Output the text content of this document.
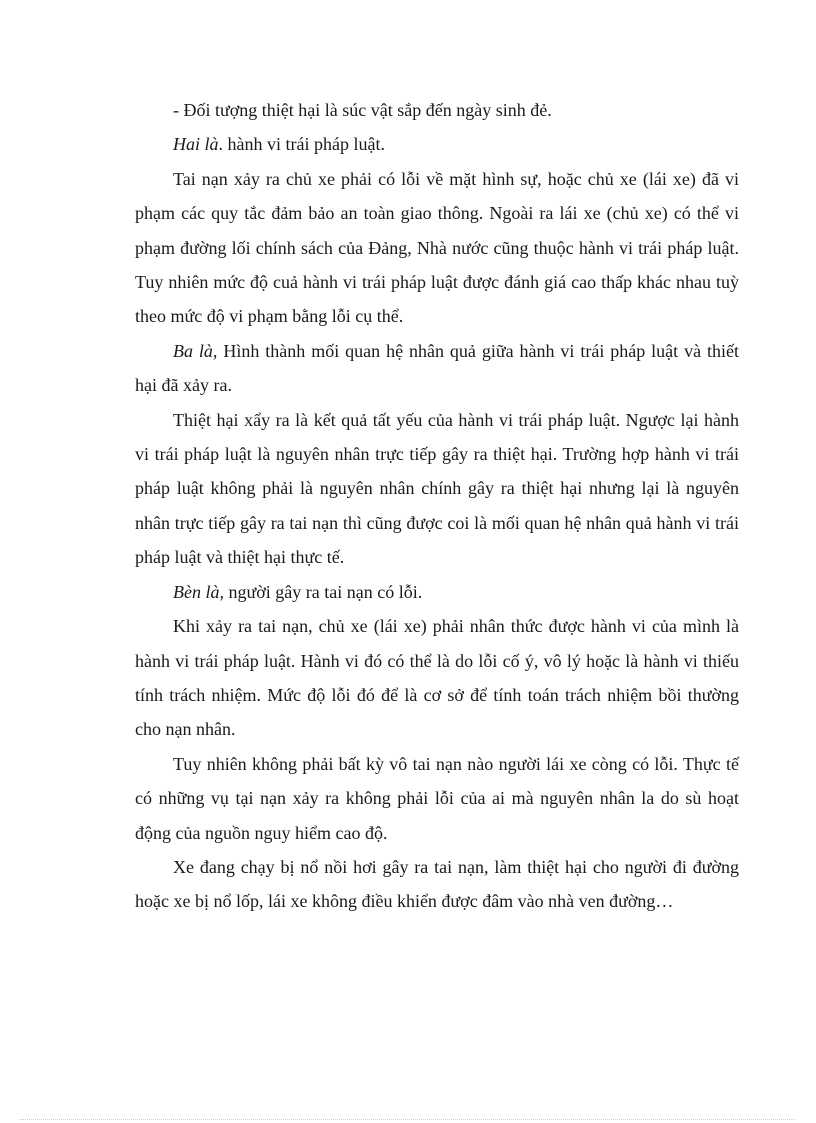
- Đối tượng thiệt hại là súc vật sắp đến ngày sinh đẻ.

Hai là. hành vi trái pháp luật.

Tai nạn xảy ra chủ xe phải có lỗi về mặt hình sự, hoặc chủ xe (lái xe) đã vi phạm các quy tắc đảm bảo an toàn giao thông. Ngoài ra lái xe (chủ xe) có thể vi phạm đường lối chính sách của Đảng, Nhà nước cũng thuộc hành vi trái pháp luật. Tuy nhiên mức độ cuả hành vi trái pháp luật được đánh giá cao thấp khác nhau tuỳ theo mức độ vi phạm bằng lỗi cụ thể.

Ba là, Hình thành mối quan hệ nhân quả giữa hành vi trái pháp luật và thiết hại đã xảy ra.

Thiệt hại xẩy ra là kết quả tất yếu của hành vi trái pháp luật. Ngược lại hành vi trái pháp luật là nguyên nhân trực tiếp gây ra thiệt hại. Trường hợp hành vi trái pháp luật không phải là nguyên nhân chính gây ra thiệt hại nhưng lại là nguyên nhân trực tiếp gây ra tai nạn thì cũng được coi là mối quan hệ nhân quả hành vi trái pháp luật và thiệt hại thực tế.

Bèn là, người gây ra tai nạn có lỗi.

Khi xảy ra tai nạn, chủ xe (lái xe) phải nhân thức được hành vi của mình là hành vi trái pháp luật. Hành vi đó có thể là do lỗi cố ý, vô lý hoặc là hành vi thiếu tính trách nhiệm. Mức độ lỗi đó để là cơ sở để tính toán trách nhiệm bồi thường cho nạn nhân.

Tuy nhiên không phải bất kỳ vô tai nạn nào người lái xe còng có lỗi. Thực tế có những vụ tại nạn xảy ra không phải lỗi của ai mà nguyên nhân la do sù hoạt động của nguồn nguy hiểm cao độ.

Xe đang chạy bị nổ nồi hơi gây ra tai nạn, làm thiệt hại cho người đi đường hoặc xe bị nổ lốp, lái xe không điều khiển được đâm vào nhà ven đường…
